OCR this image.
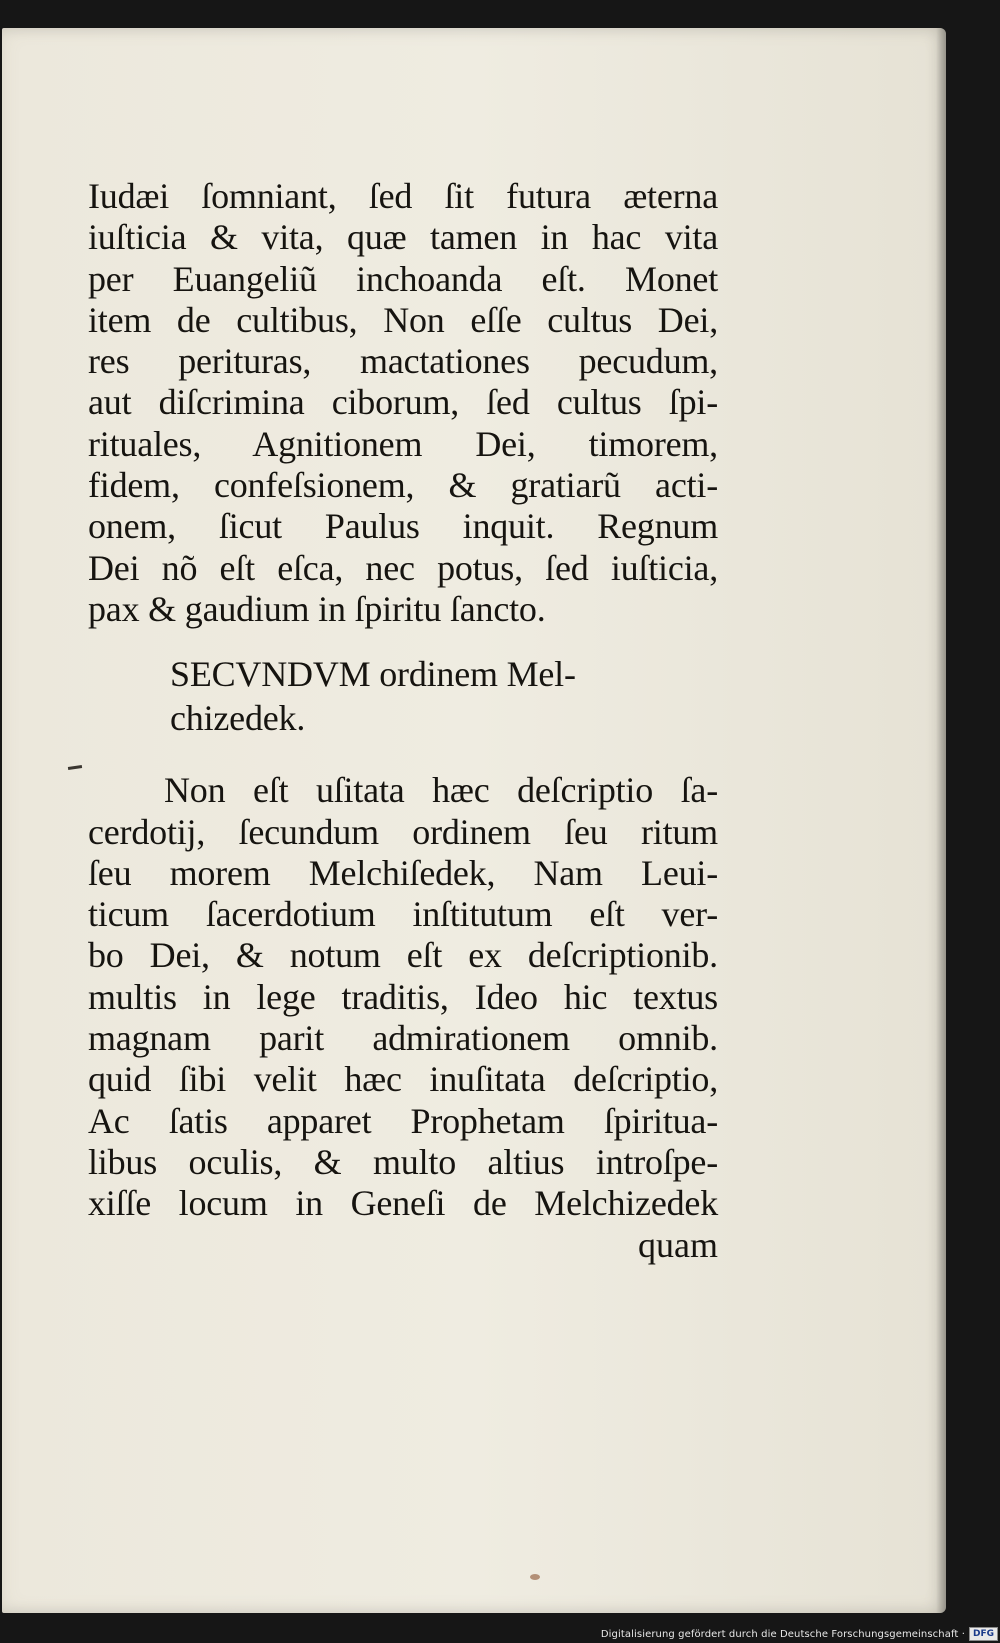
Iudæi ſomniant, ſed ſit futura æterna
iuſticia & vita, quæ tamen in hac vita
per Euangeliũ inchoanda eſt. Monet
item de cultibus, Non eſſe cultus Dei,
res perituras, mactationes pecudum,
aut diſcrimina ciborum, ſed cultus ſpi-
rituales, Agnitionem Dei, timorem,
fidem, confeſsionem, & gratiarũ acti-
onem, ſicut Paulus inquit. Regnum
Dei nõ eſt eſca, nec potus, ſed iuſticia,
pax & gaudium in ſpiritu ſancto.
SECVNDVM ordinem Mel-
chizedek.
Non eſt uſitata hæc deſcriptio ſa-
cerdotij, ſecundum ordinem ſeu ritum
ſeu morem Melchiſedek, Nam Leui-
ticum ſacerdotium inſtitutum eſt ver-
bo Dei, & notum eſt ex deſcriptionib.
multis in lege traditis, Ideo hic textus
magnam parit admirationem omnib.
quid ſibi velit hæc inuſitata deſcriptio,
Ac ſatis apparet Prophetam ſpiritua-
libus oculis, & multo altius introſpe-
xiſſe locum in Geneſi de Melchizedek
quam
Digitalisierung gefördert durch die Deutsche Forschungsgemeinschaft · DFG
